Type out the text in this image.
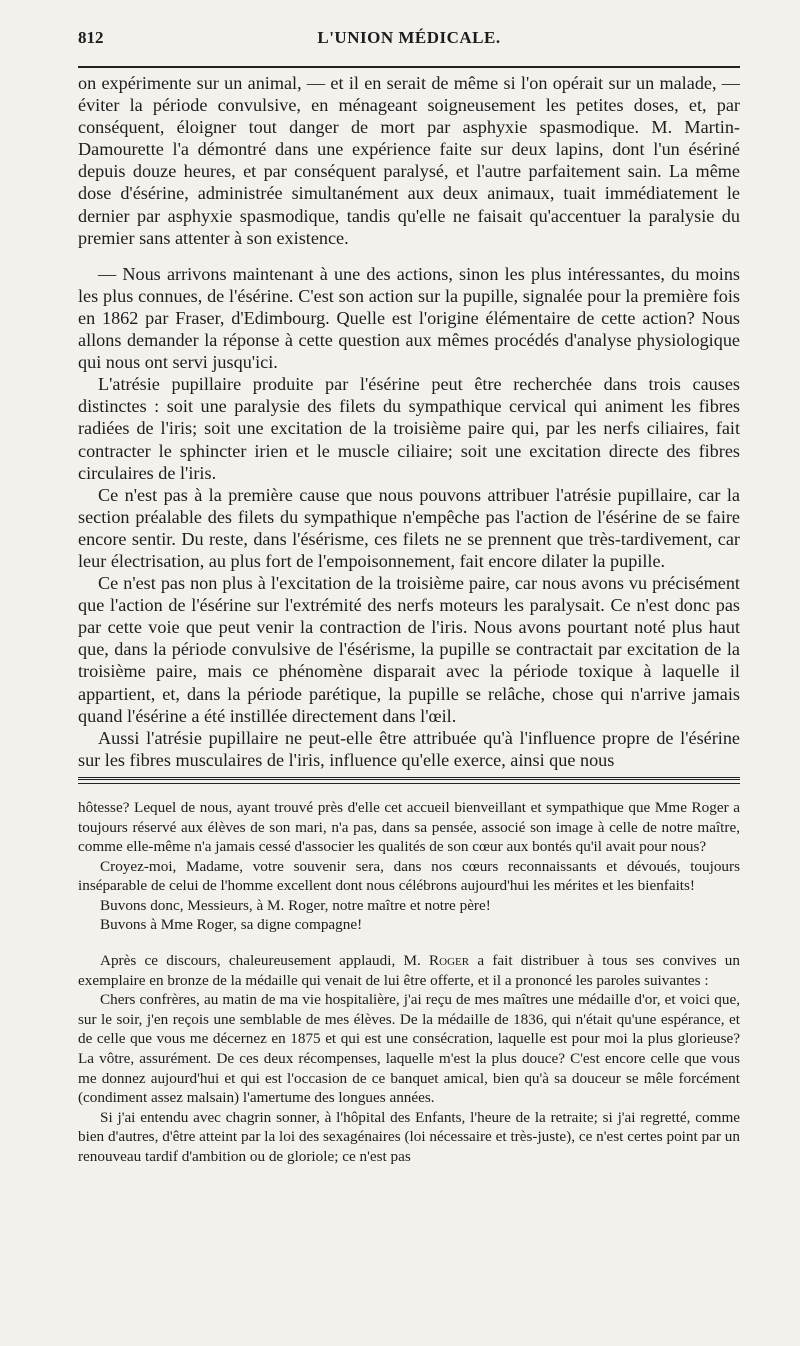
812	L'UNION MÉDICALE.

on expérimente sur un animal, — et il en serait de même si l'on opérait sur un malade, — éviter la période convulsive, en ménageant soigneusement les petites doses, et, par conséquent, éloigner tout danger de mort par asphyxie spasmodique. M. Martin-Damourette l'a démontré dans une expérience faite sur deux lapins, dont l'un ésériné depuis douze heures, et par conséquent paralysé, et l'autre parfaitement sain. La même dose d'ésérine, administrée simultanément aux deux animaux, tuait immédiatement le dernier par asphyxie spasmodique, tandis qu'elle ne faisait qu'accentuer la paralysie du premier sans attenter à son existence.

— Nous arrivons maintenant à une des actions, sinon les plus intéressantes, du moins les plus connues, de l'ésérine. C'est son action sur la pupille, signalée pour la première fois en 1862 par Fraser, d'Edimbourg. Quelle est l'origine élémentaire de cette action? Nous allons demander la réponse à cette question aux mêmes procédés d'analyse physiologique qui nous ont servi jusqu'ici.

L'atrésie pupillaire produite par l'ésérine peut être recherchée dans trois causes distinctes : soit une paralysie des filets du sympathique cervical qui animent les fibres radiées de l'iris; soit une excitation de la troisième paire qui, par les nerfs ciliaires, fait contracter le sphincter irien et le muscle ciliaire; soit une excitation directe des fibres circulaires de l'iris.

Ce n'est pas à la première cause que nous pouvons attribuer l'atrésie pupillaire, car la section préalable des filets du sympathique n'empêche pas l'action de l'ésérine de se faire encore sentir. Du reste, dans l'ésérisme, ces filets ne se prennent que très-tardivement, car leur électrisation, au plus fort de l'empoisonnement, fait encore dilater la pupille.

Ce n'est pas non plus à l'excitation de la troisième paire, car nous avons vu précisément que l'action de l'ésérine sur l'extrémité des nerfs moteurs les paralysait. Ce n'est donc pas par cette voie que peut venir la contraction de l'iris. Nous avons pourtant noté plus haut que, dans la période convulsive de l'ésérisme, la pupille se contractait par excitation de la troisième paire, mais ce phénomène disparait avec la période toxique à laquelle il appartient, et, dans la période parétique, la pupille se relâche, chose qui n'arrive jamais quand l'ésérine a été instillée directement dans l'œil.

Aussi l'atrésie pupillaire ne peut-elle être attribuée qu'à l'influence propre de l'ésérine sur les fibres musculaires de l'iris, influence qu'elle exerce, ainsi que nous

hôtesse? Lequel de nous, ayant trouvé près d'elle cet accueil bienveillant et sympathique que Mme Roger a toujours réservé aux élèves de son mari, n'a pas, dans sa pensée, associé son image à celle de notre maître, comme elle-même n'a jamais cessé d'associer les qualités de son cœur aux bontés qu'il avait pour nous?

Croyez-moi, Madame, votre souvenir sera, dans nos cœurs reconnaissants et dévoués, toujours inséparable de celui de l'homme excellent dont nous célébrons aujourd'hui les mérites et les bienfaits!

Buvons donc, Messieurs, à M. Roger, notre maître et notre père!

Buvons à Mme Roger, sa digne compagne!

Après ce discours, chaleureusement applaudi, M. Roger a fait distribuer à tous ses convives un exemplaire en bronze de la médaille qui venait de lui être offerte, et il a prononcé les paroles suivantes :

Chers confrères, au matin de ma vie hospitalière, j'ai reçu de mes maîtres une médaille d'or, et voici que, sur le soir, j'en reçois une semblable de mes élèves. De la médaille de 1836, qui n'était qu'une espérance, et de celle que vous me décernez en 1875 et qui est une consécration, laquelle est pour moi la plus glorieuse? La vôtre, assurément. De ces deux récompenses, laquelle m'est la plus douce? C'est encore celle que vous me donnez aujourd'hui et qui est l'occasion de ce banquet amical, bien qu'à sa douceur se mêle forcément (condiment assez malsain) l'amertume des longues années.

Si j'ai entendu avec chagrin sonner, à l'hôpital des Enfants, l'heure de la retraite; si j'ai regretté, comme bien d'autres, d'être atteint par la loi des sexagénaires (loi nécessaire et très-juste), ce n'est certes point par un renouveau tardif d'ambition ou de gloriole; ce n'est pas
